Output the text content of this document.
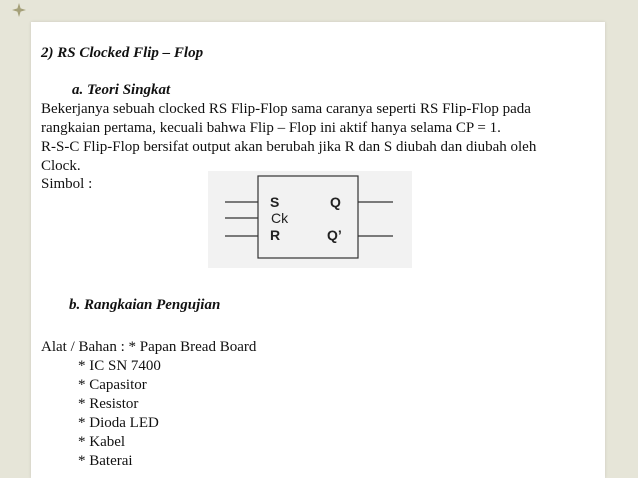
2) RS Clocked Flip – Flop
a. Teori Singkat
Bekerjanya sebuah clocked RS Flip-Flop sama caranya seperti RS Flip-Flop pada
rangkaian pertama, kecuali bahwa Flip – Flop ini aktif hanya selama CP = 1.
R-S-C Flip-Flop bersifat output akan berubah jika R dan S diubah dan diubah oleh
Clock.
Simbol :
S
Ck
R
Q
Q’
b. Rangkaian Pengujian
Alat / Bahan : * Papan Bread Board
* IC SN 7400
* Capasitor
* Resistor
* Dioda LED
* Kabel
* Baterai
